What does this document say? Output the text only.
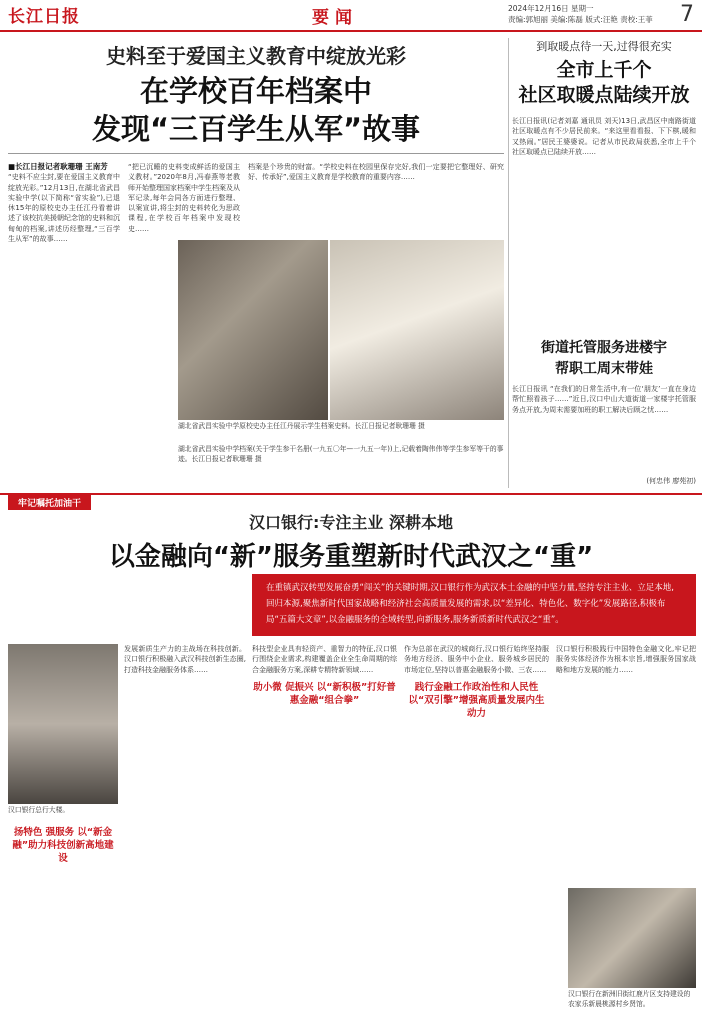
长江日报	要闻	2024年12月16日 星期一
责编:郭旭丽 美编:陈磊 版式:汪艳 责校:王菲	7
史料至于爱国主义教育中绽放光彩
在学校百年档案中
发现“三百学生从军”故事
■长江日报记者耿珊珊 王南芳
“史料不应尘封,要在爱国主义教育中绽放光彩。”12月13日,在湖北省武昌实验中学(以下简称“省实验”),已退休15年的原校史办主任江丹看着讲述了该校抗美援朝纪念馆的史料和沉甸甸的档案,讲述历经整理,“三百学生从军”的故事……
“把已沉睡的史料变成鲜活的爱国主义教材。”2020年8月,冯春燕等老教师开始整理国家档案中学生档案及从军记录,每年会同各方面进行整理、以案宣讲,将尘封的史料转化为思政课程,在学校百年档案中发现校史……
档案是个珍贵的财富。“学校史料在校园里保存完好,我们一定要把它整理好、研究好、传承好”,爱国主义教育是学校教育的重要内容……
湖北省武昌实验中学原校史办主任江丹展示学生档案史料。长江日报记者耿珊珊 摄
湖北省武昌实验中学档案(关于学生参干名册(一九五〇年—一九五一年))上,记载着陶伟伟等学生参军等干的事迹。长江日报记者耿珊珊 摄
到取暖点待一天,过得很充实
全市上千个
社区取暖点陆续开放
长江日报讯(记者刘嘉 通讯员 刘天)13日,武昌区中南路街道社区取暖点有不少居民前来。“来这里看看报、下下棋,暖和又热闹。”居民王婆婆说。记者从市民政局获悉,全市上千个社区取暖点已陆续开放……
街道托管服务进楼宇
帮职工周末带娃
长江日报讯 “在我们的日常生活中,有一位‘朋友’一直在身边帮忙照看孩子……”近日,汉口中山大道街道一家楼宇托管服务点开放,为周末需要加班的职工解决后顾之忧……
(何忠伟 廖苑初)
牢记嘱托加油干
汉口银行:专注主业 深耕本地
以金融向“新”服务重塑新时代武汉之“重”
在重镇武汉转型发展奋勇“闯关”的关键时期,汉口银行作为武汉本土金融的中坚力量,坚持专注主业、立足本地,回归本源,聚焦新时代国家战略和经济社会高质量发展的需求,以“差异化、特色化、数字化”发展路径,积极布局“五篇大文章”,以金融服务的全域转型,向新服务,服务新质新时代武汉之“重”。
汉口银行总行大楼。
发展新质生产力的主战场在科技创新。汉口银行积极融入武汉科技创新生态圈,打造科技金融服务体系……
扬特色 强服务 以“新金融”助力科技创新高地建设
科技型企业具有轻资产、重智力的特征,汉口银行围绕企业需求,构建覆盖企业全生命周期的综合金融服务方案,深耕专精特新领域……
助小微 促振兴 以“新积极”打好普惠金融“组合拳”
作为总部在武汉的城商行,汉口银行始终坚持服务地方经济、服务中小企业、服务城乡居民的市场定位,坚持以普惠金融服务小微、三农……
践行金融工作政治性和人民性 以“双引擎”增强高质量发展内生动力
汉口银行积极践行中国特色金融文化,牢记把服务实体经济作为根本宗旨,增强服务国家战略和地方发展的能力……
汉口银行在新洲旧街红鹿片区支持建设的农家乐新晨桃源村乡贤馆。
